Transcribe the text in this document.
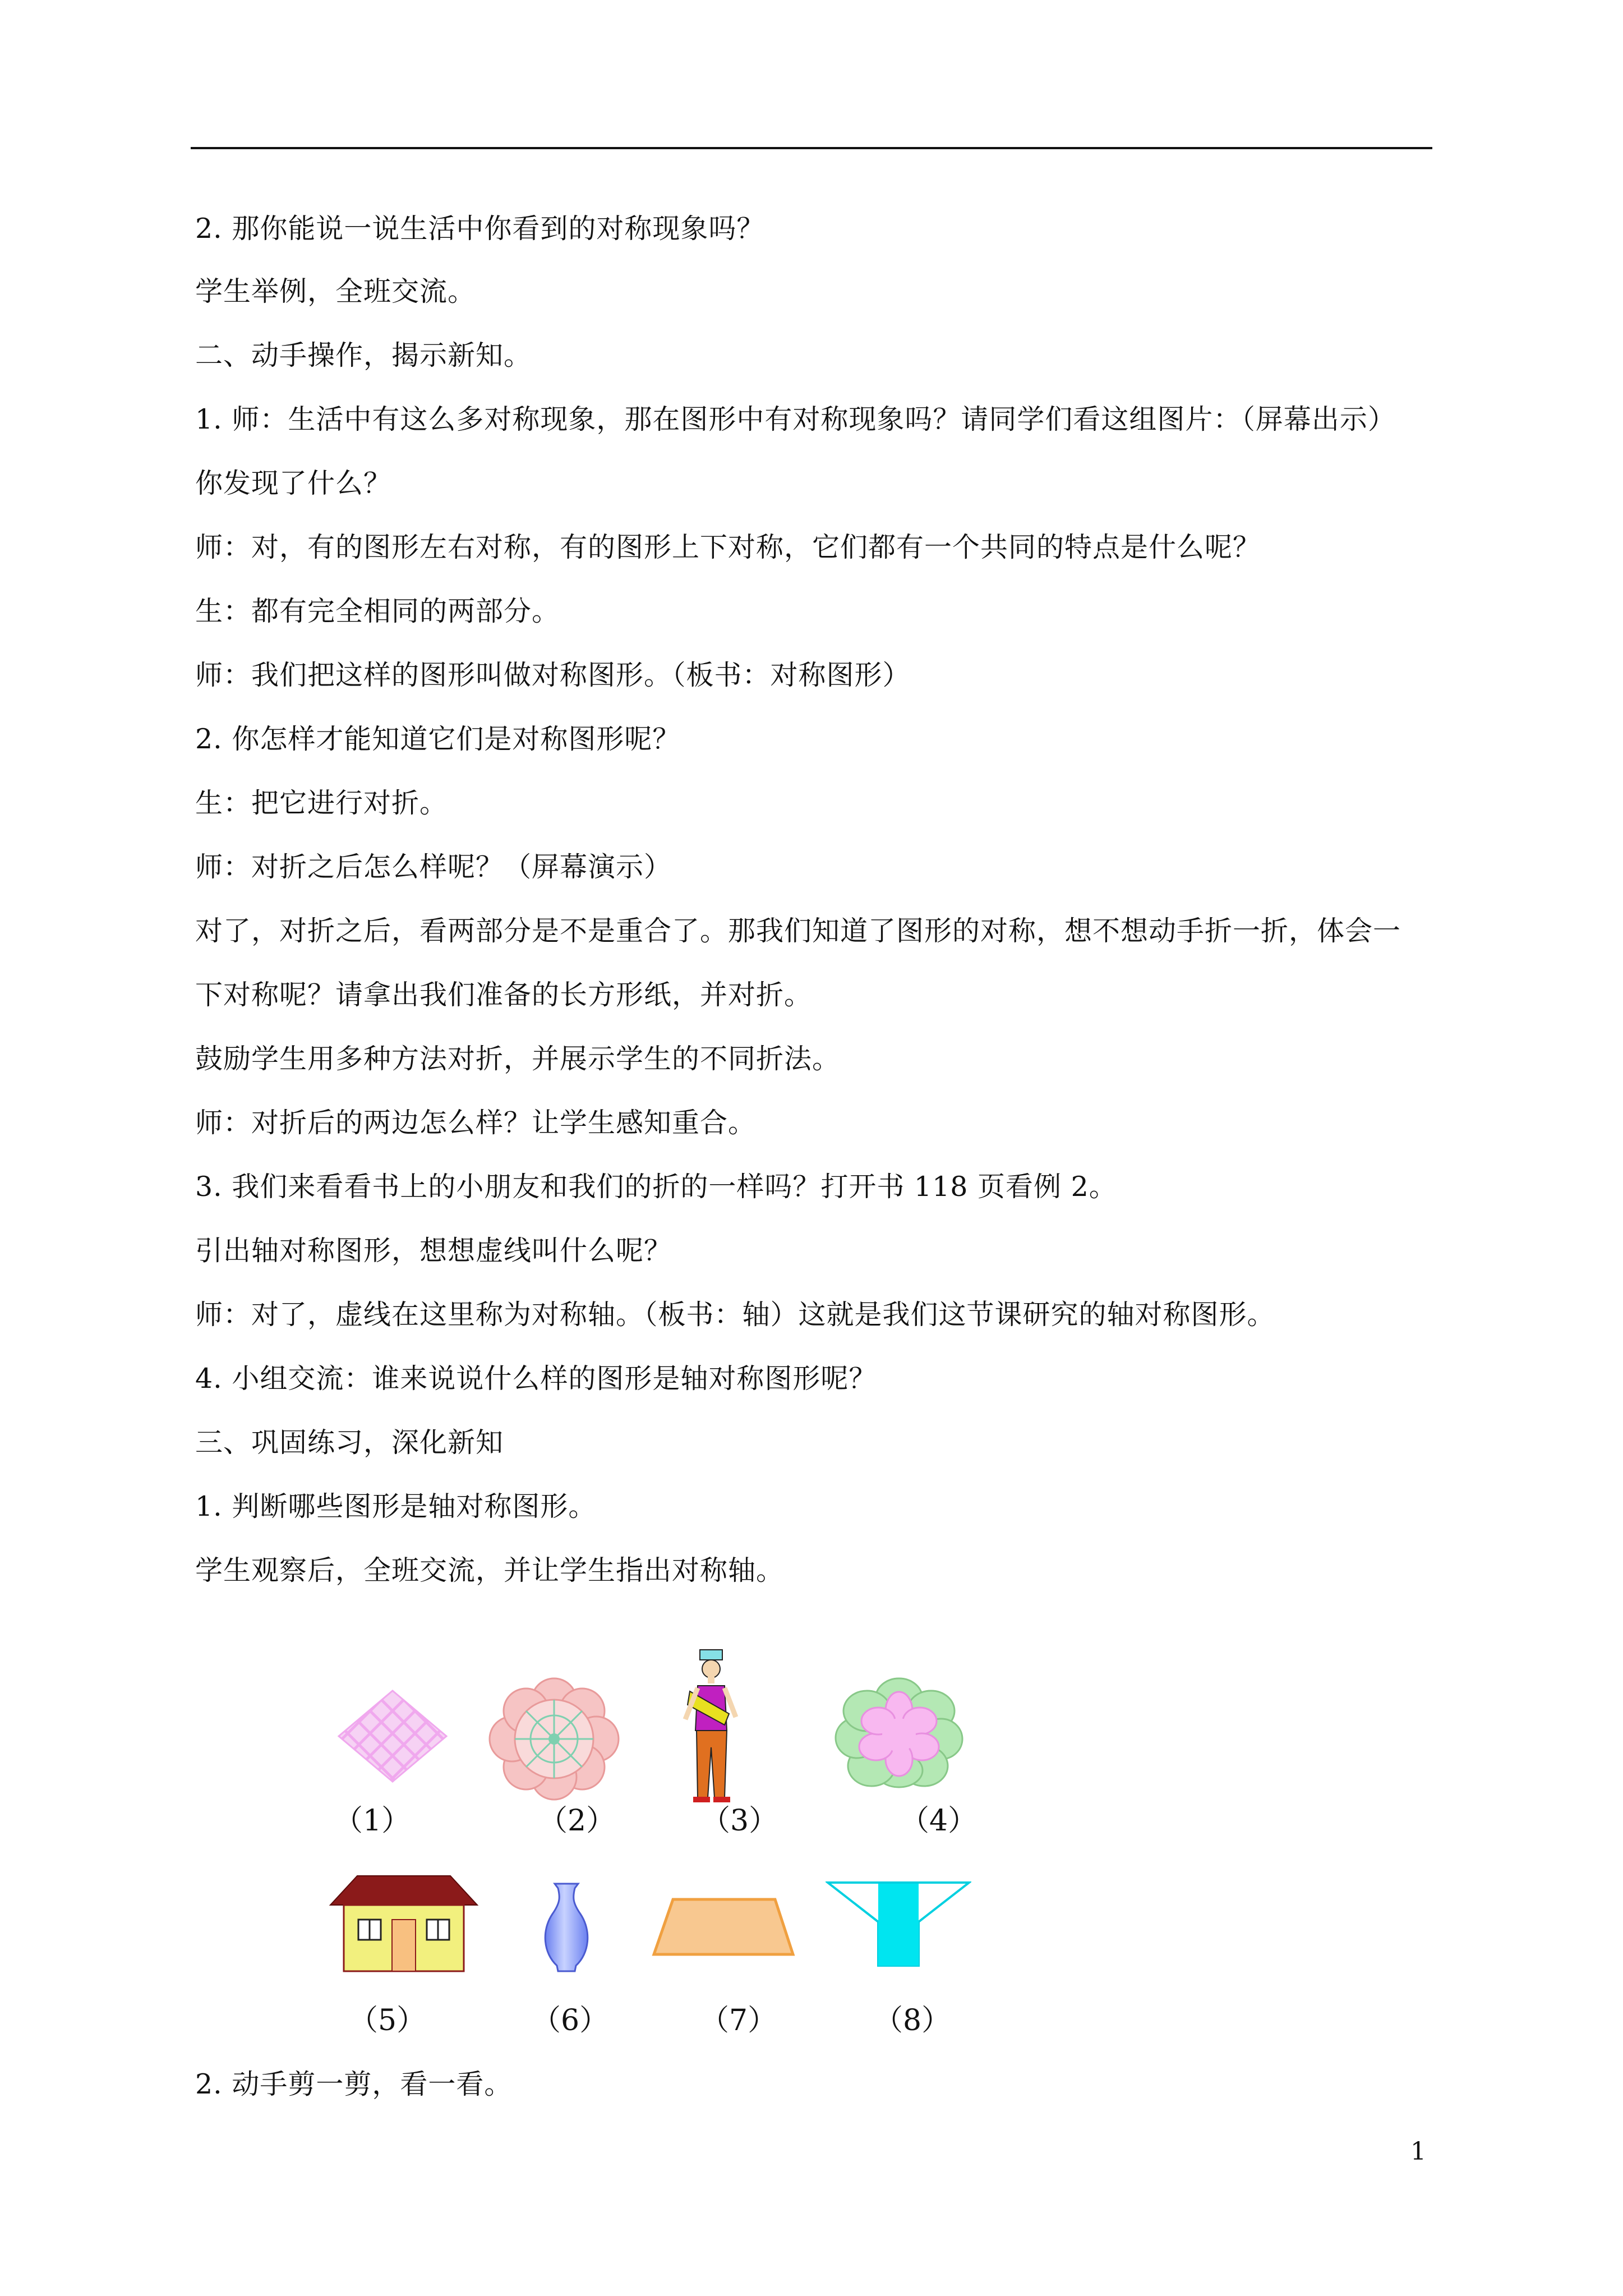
2. 那你能说一说生活中你看到的对称现象吗？
学生举例，全班交流。
二、动手操作，揭示新知。
1. 师：生活中有这么多对称现象，那在图形中有对称现象吗？请同学们看这组图片：（屏幕出示）
你发现了什么？
师：对，有的图形左右对称，有的图形上下对称，它们都有一个共同的特点是什么呢？
生：都有完全相同的两部分。
师：我们把这样的图形叫做对称图形。（板书：对称图形）
2. 你怎样才能知道它们是对称图形呢？
生：把它进行对折。
师：对折之后怎么样呢？（屏幕演示）
对了，对折之后，看两部分是不是重合了。那我们知道了图形的对称，想不想动手折一折，体会一
下对称呢？请拿出我们准备的长方形纸，并对折。
鼓励学生用多种方法对折，并展示学生的不同折法。
师：对折后的两边怎么样？让学生感知重合。
3. 我们来看看书上的小朋友和我们的折的一样吗？打开书 118 页看例 2。
引出轴对称图形，想想虚线叫什么呢？
师：对了，虚线在这里称为对称轴。（板书：轴）这就是我们这节课研究的轴对称图形。
4. 小组交流：谁来说说什么样的图形是轴对称图形呢？
三、巩固练习，深化新知
1. 判断哪些图形是轴对称图形。
学生观察后，全班交流，并让学生指出对称轴。
（1）	（2）	（3）	（4）
（5）	（6）	（7）	（8）
2. 动手剪一剪，看一看。
1
